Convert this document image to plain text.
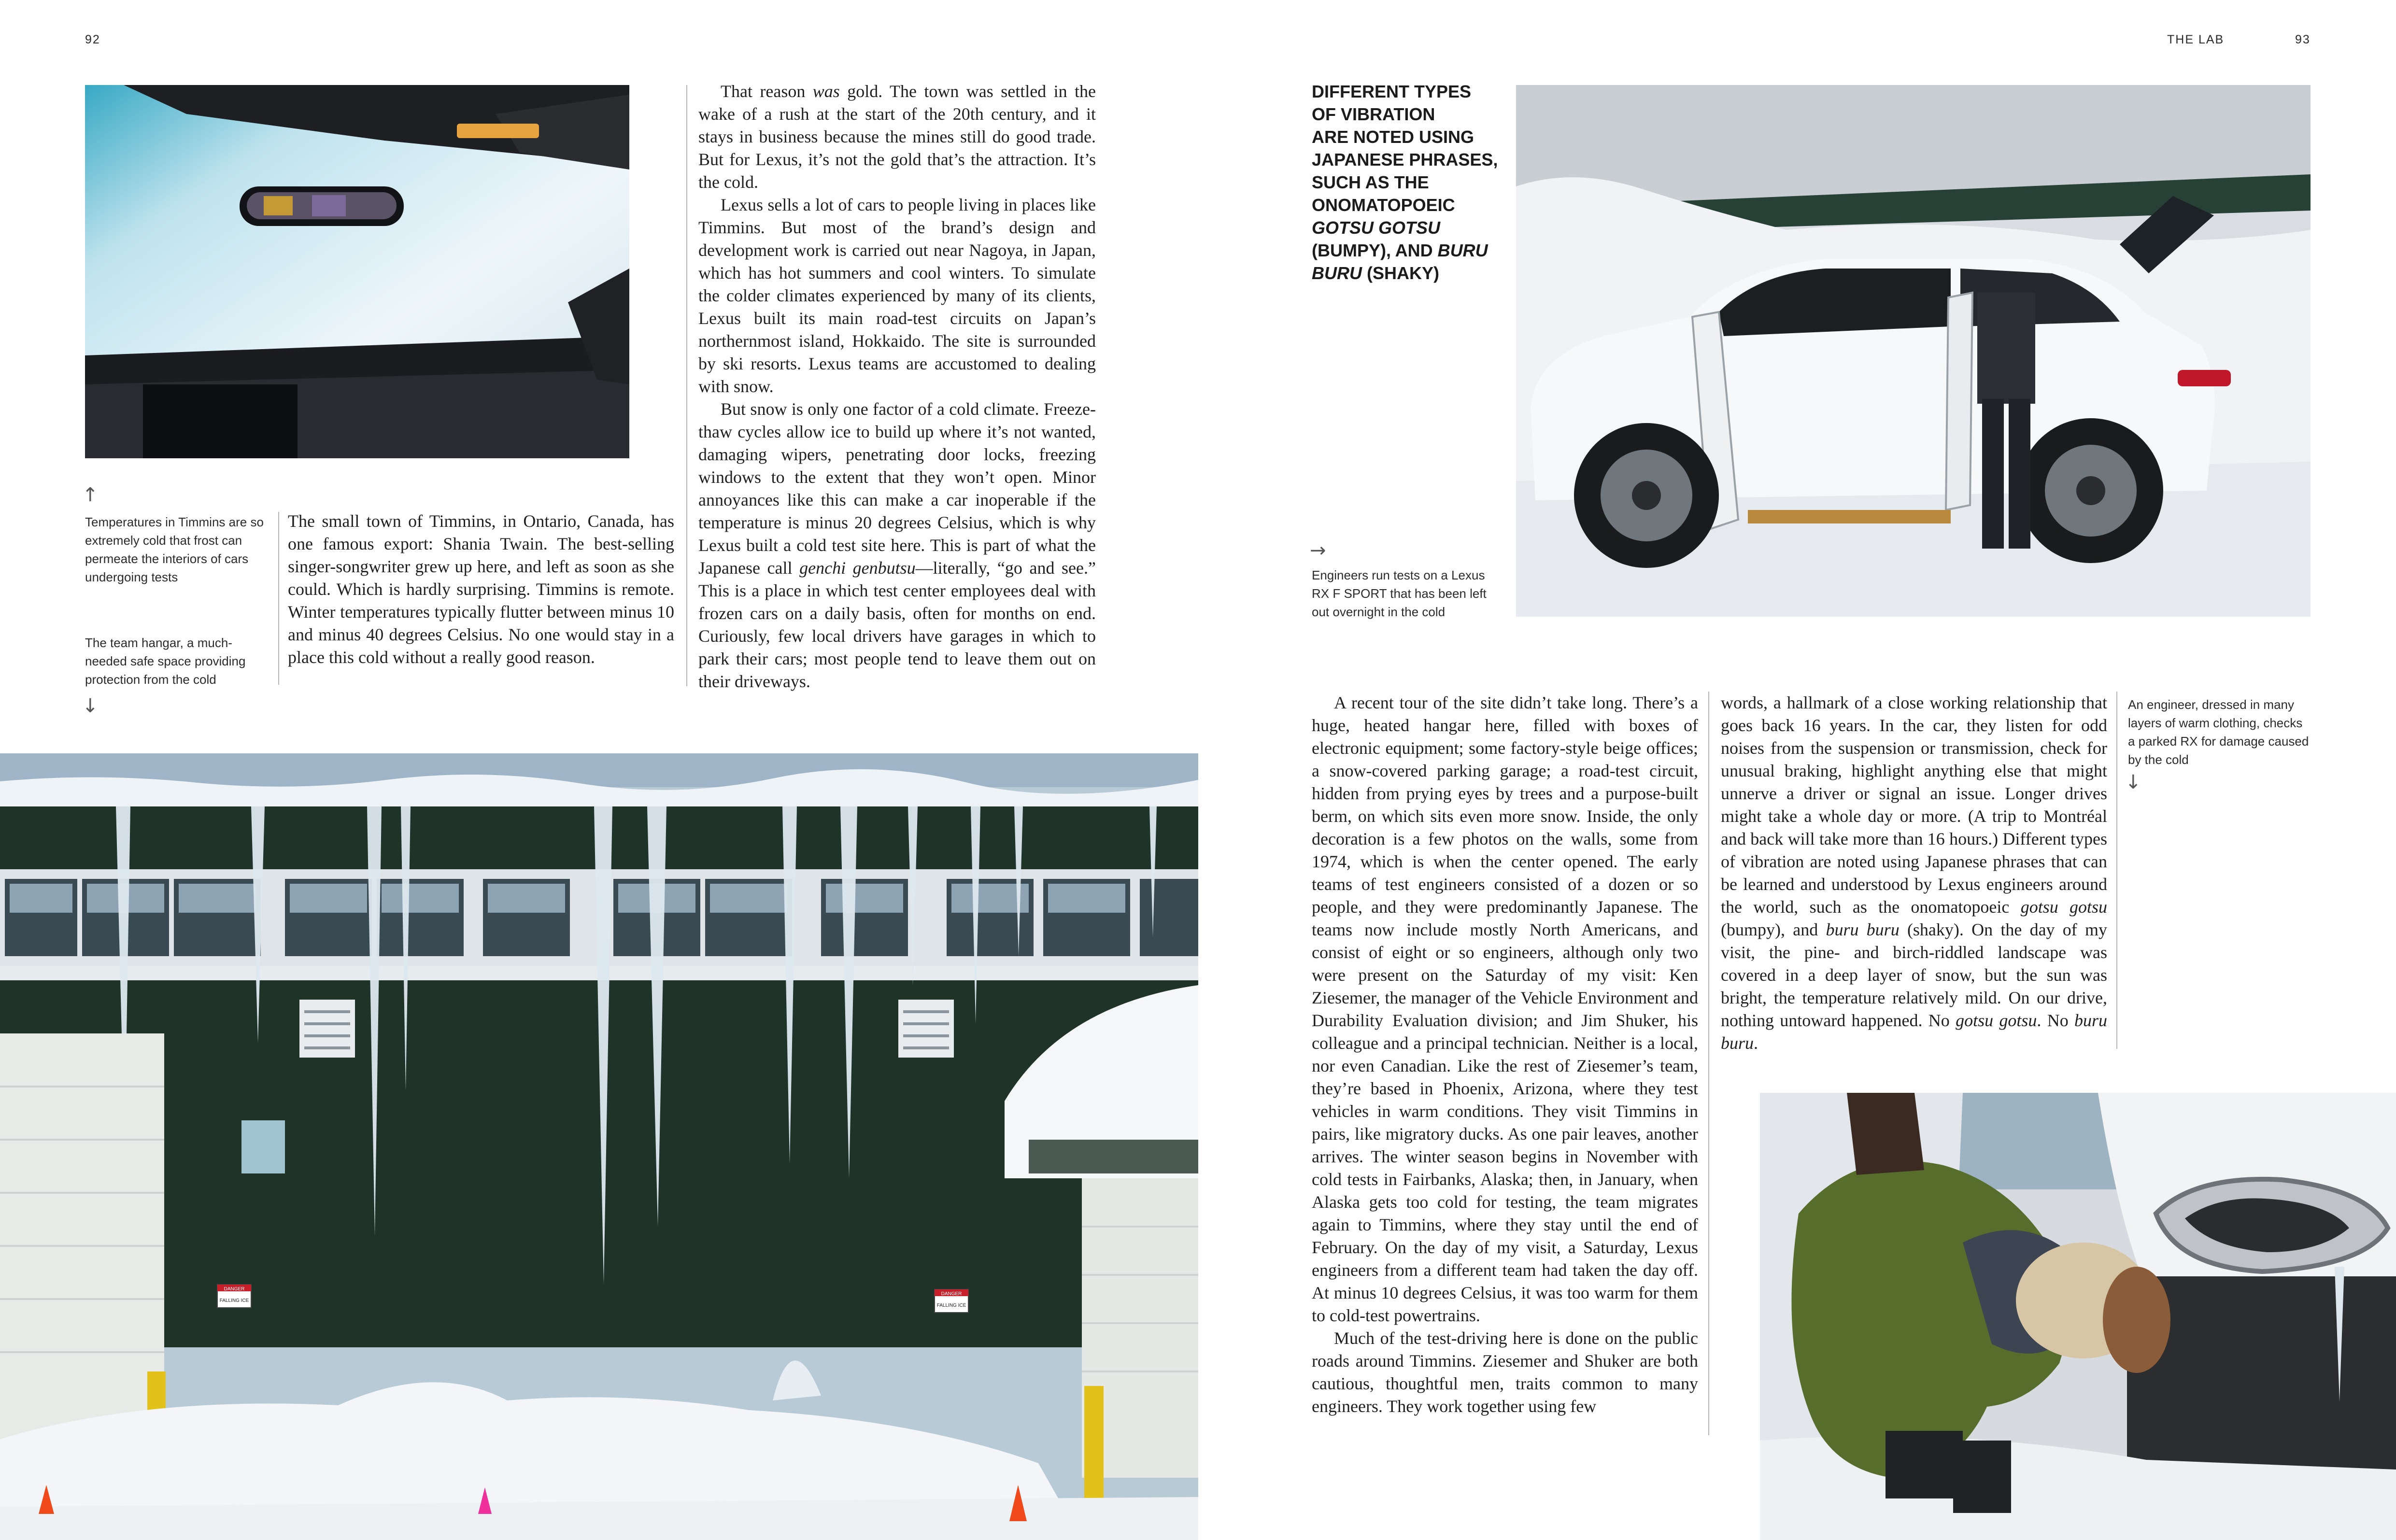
92	THE LAB	93
↑
Temperatures in Timmins are so extremely cold that frost can permeate the interiors of cars undergoing tests
The team hangar, a much-needed safe space providing protection from the cold
↓

The small town of Timmins, in Ontario, Canada, has one famous export: Shania Twain. The best-selling singer-songwriter grew up here, and left as soon as she could. Which is hardly surprising. Timmins is remote. Winter temperatures typically flutter between minus 10 and minus 40 degrees Celsius. No one would stay in a place this cold without a really good reason.

That reason was gold. The town was settled in the wake of a rush at the start of the 20th century, and it stays in business because the mines still do good trade. But for Lexus, it’s not the gold that’s the attraction. It’s the cold.

Lexus sells a lot of cars to people living in places like Timmins. But most of the brand’s design and development work is carried out near Nagoya, in Japan, which has hot summers and cool winters. To simulate the colder climates experienced by many of its clients, Lexus built its main road-test circuits on Japan’s northernmost island, Hokkaido. The site is surrounded by ski resorts. Lexus teams are accustomed to dealing with snow.

But snow is only one factor of a cold climate. Freeze-thaw cycles allow ice to build up where it’s not wanted, damaging wipers, penetrating door locks, freezing windows to the extent that they won’t open. Minor annoyances like this can make a car inoperable if the temperature is minus 20 degrees Celsius, which is why Lexus built a cold test site here. This is part of what the Japanese call genchi genbutsu—literally, “go and see.” This is a place in which test center employees deal with frozen cars on a daily basis, often for months on end. Curiously, few local drivers have garages in which to park their cars; most people tend to leave them out on their driveways.

DANGER
FALLING ICE
DANGER
FALLING ICE
DIFFERENT TYPES
OF VIBRATION
ARE NOTED USING
JAPANESE PHRASES,
SUCH AS THE
ONOMATOPOEIC
GOTSU GOTSU
(BUMPY), AND BURU
BURU (SHAKY)
→
Engineers run tests on a Lexus RX F SPORT that has been left out overnight in the cold

A recent tour of the site didn’t take long. There’s a huge, heated hangar here, filled with boxes of electronic equipment; some factory-style beige offices; a snow-covered parking garage; a road-test circuit, hidden from prying eyes by trees and a purpose-built berm, on which sits even more snow. Inside, the only decoration is a few photos on the walls, some from 1974, which is when the center opened. The early teams of test engineers consisted of a dozen or so people, and they were predominantly Japanese. The teams now include mostly North Americans, and consist of eight or so engineers, although only two were present on the Saturday of my visit: Ken Ziesemer, the manager of the Vehicle Environment and Durability Evaluation division; and Jim Shuker, his colleague and a principal technician. Neither is a local, nor even Canadian. Like the rest of Ziesemer’s team, they’re based in Phoenix, Arizona, where they test vehicles in warm conditions. They visit Timmins in pairs, like migratory ducks. As one pair leaves, another arrives. The winter season begins in November with cold tests in Fairbanks, Alaska; then, in January, when Alaska gets too cold for testing, the team migrates again to Timmins, where they stay until the end of February. On the day of my visit, a Saturday, Lexus engineers from a different team had taken the day off. At minus 10 degrees Celsius, it was too warm for them to cold-test powertrains.

Much of the test-driving here is done on the public roads around Timmins. Ziesemer and Shuker are both cautious, thoughtful men, traits common to many engineers. They work together using few

words, a hallmark of a close working relationship that goes back 16 years. In the car, they listen for odd noises from the suspension or transmission, check for unusual braking, highlight anything else that might unnerve a driver or signal an issue. Longer drives might take a whole day or more. (A trip to Montréal and back will take more than 16 hours.) Different types of vibration are noted using Japanese phrases that can be learned and understood by Lexus engineers around the world, such as the onomatopoeic gotsu gotsu (bumpy), and buru buru (shaky). On the day of my visit, the pine- and birch-riddled landscape was covered in a deep layer of snow, but the sun was bright, the temperature relatively mild. On our drive, nothing untoward happened. No gotsu gotsu. No buru buru.

An engineer, dressed in many layers of warm clothing, checks a parked RX for damage caused by the cold
↓
